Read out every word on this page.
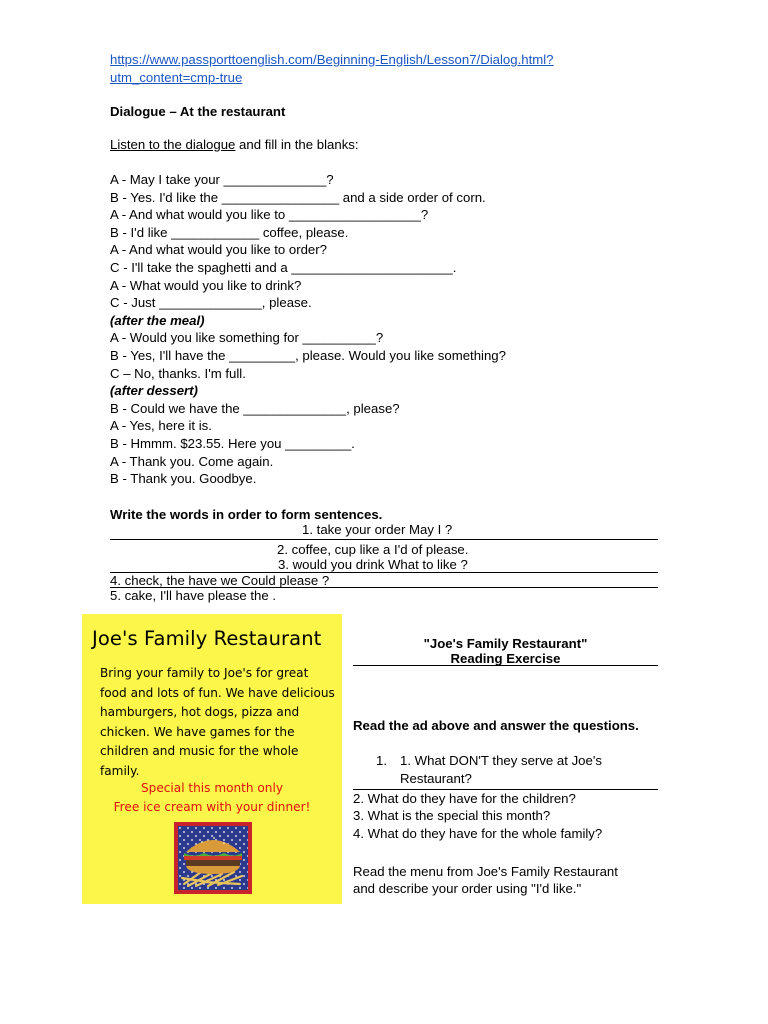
https://www.passporttoenglish.com/Beginning-English/Lesson7/Dialog.html?
utm_content=cmp-true
Dialogue – At the restaurant
Listen to the dialogue and fill in the blanks:
A - May I take your ______________?
B - Yes. I'd like the ________________ and a side order of corn.
A - And what would you like to __________________?
B - I'd like ____________ coffee, please.
A - And what would you like to order?
C - I'll take the spaghetti and a ______________________.
A - What would you like to drink?
C - Just ______________, please.
(after the meal)
A - Would you like something for __________?
B - Yes, I'll have the _________, please. Would you like something?
C – No, thanks. I'm full.
(after dessert)
B - Could we have the ______________, please?
A - Yes, here it is.
B - Hmmm. $23.55. Here you _________.
A - Thank you. Come again.
B - Thank you. Goodbye.
Write the words in order to form sentences.
1. take your order May I ?
2. coffee, cup like a I'd of please.
3. would you drink What to like ?
4. check, the have we Could please ?
5. cake, I'll have please the .
Joe's Family Restaurant
Bring your family to Joe's for great food and lots of fun. We have delicious hamburgers, hot dogs, pizza and chicken. We have games for the children and music for the whole family.
Special this month only
Free ice cream with your dinner!
"Joe's Family Restaurant"
Reading Exercise
Read the ad above and answer the questions.
1. 1. What DON'T they serve at Joe's
Restaurant?
2. What do they have for the children?
3. What is the special this month?
4. What do they have for the whole family?
Read the menu from Joe's Family Restaurant
and describe your order using "I'd like."
